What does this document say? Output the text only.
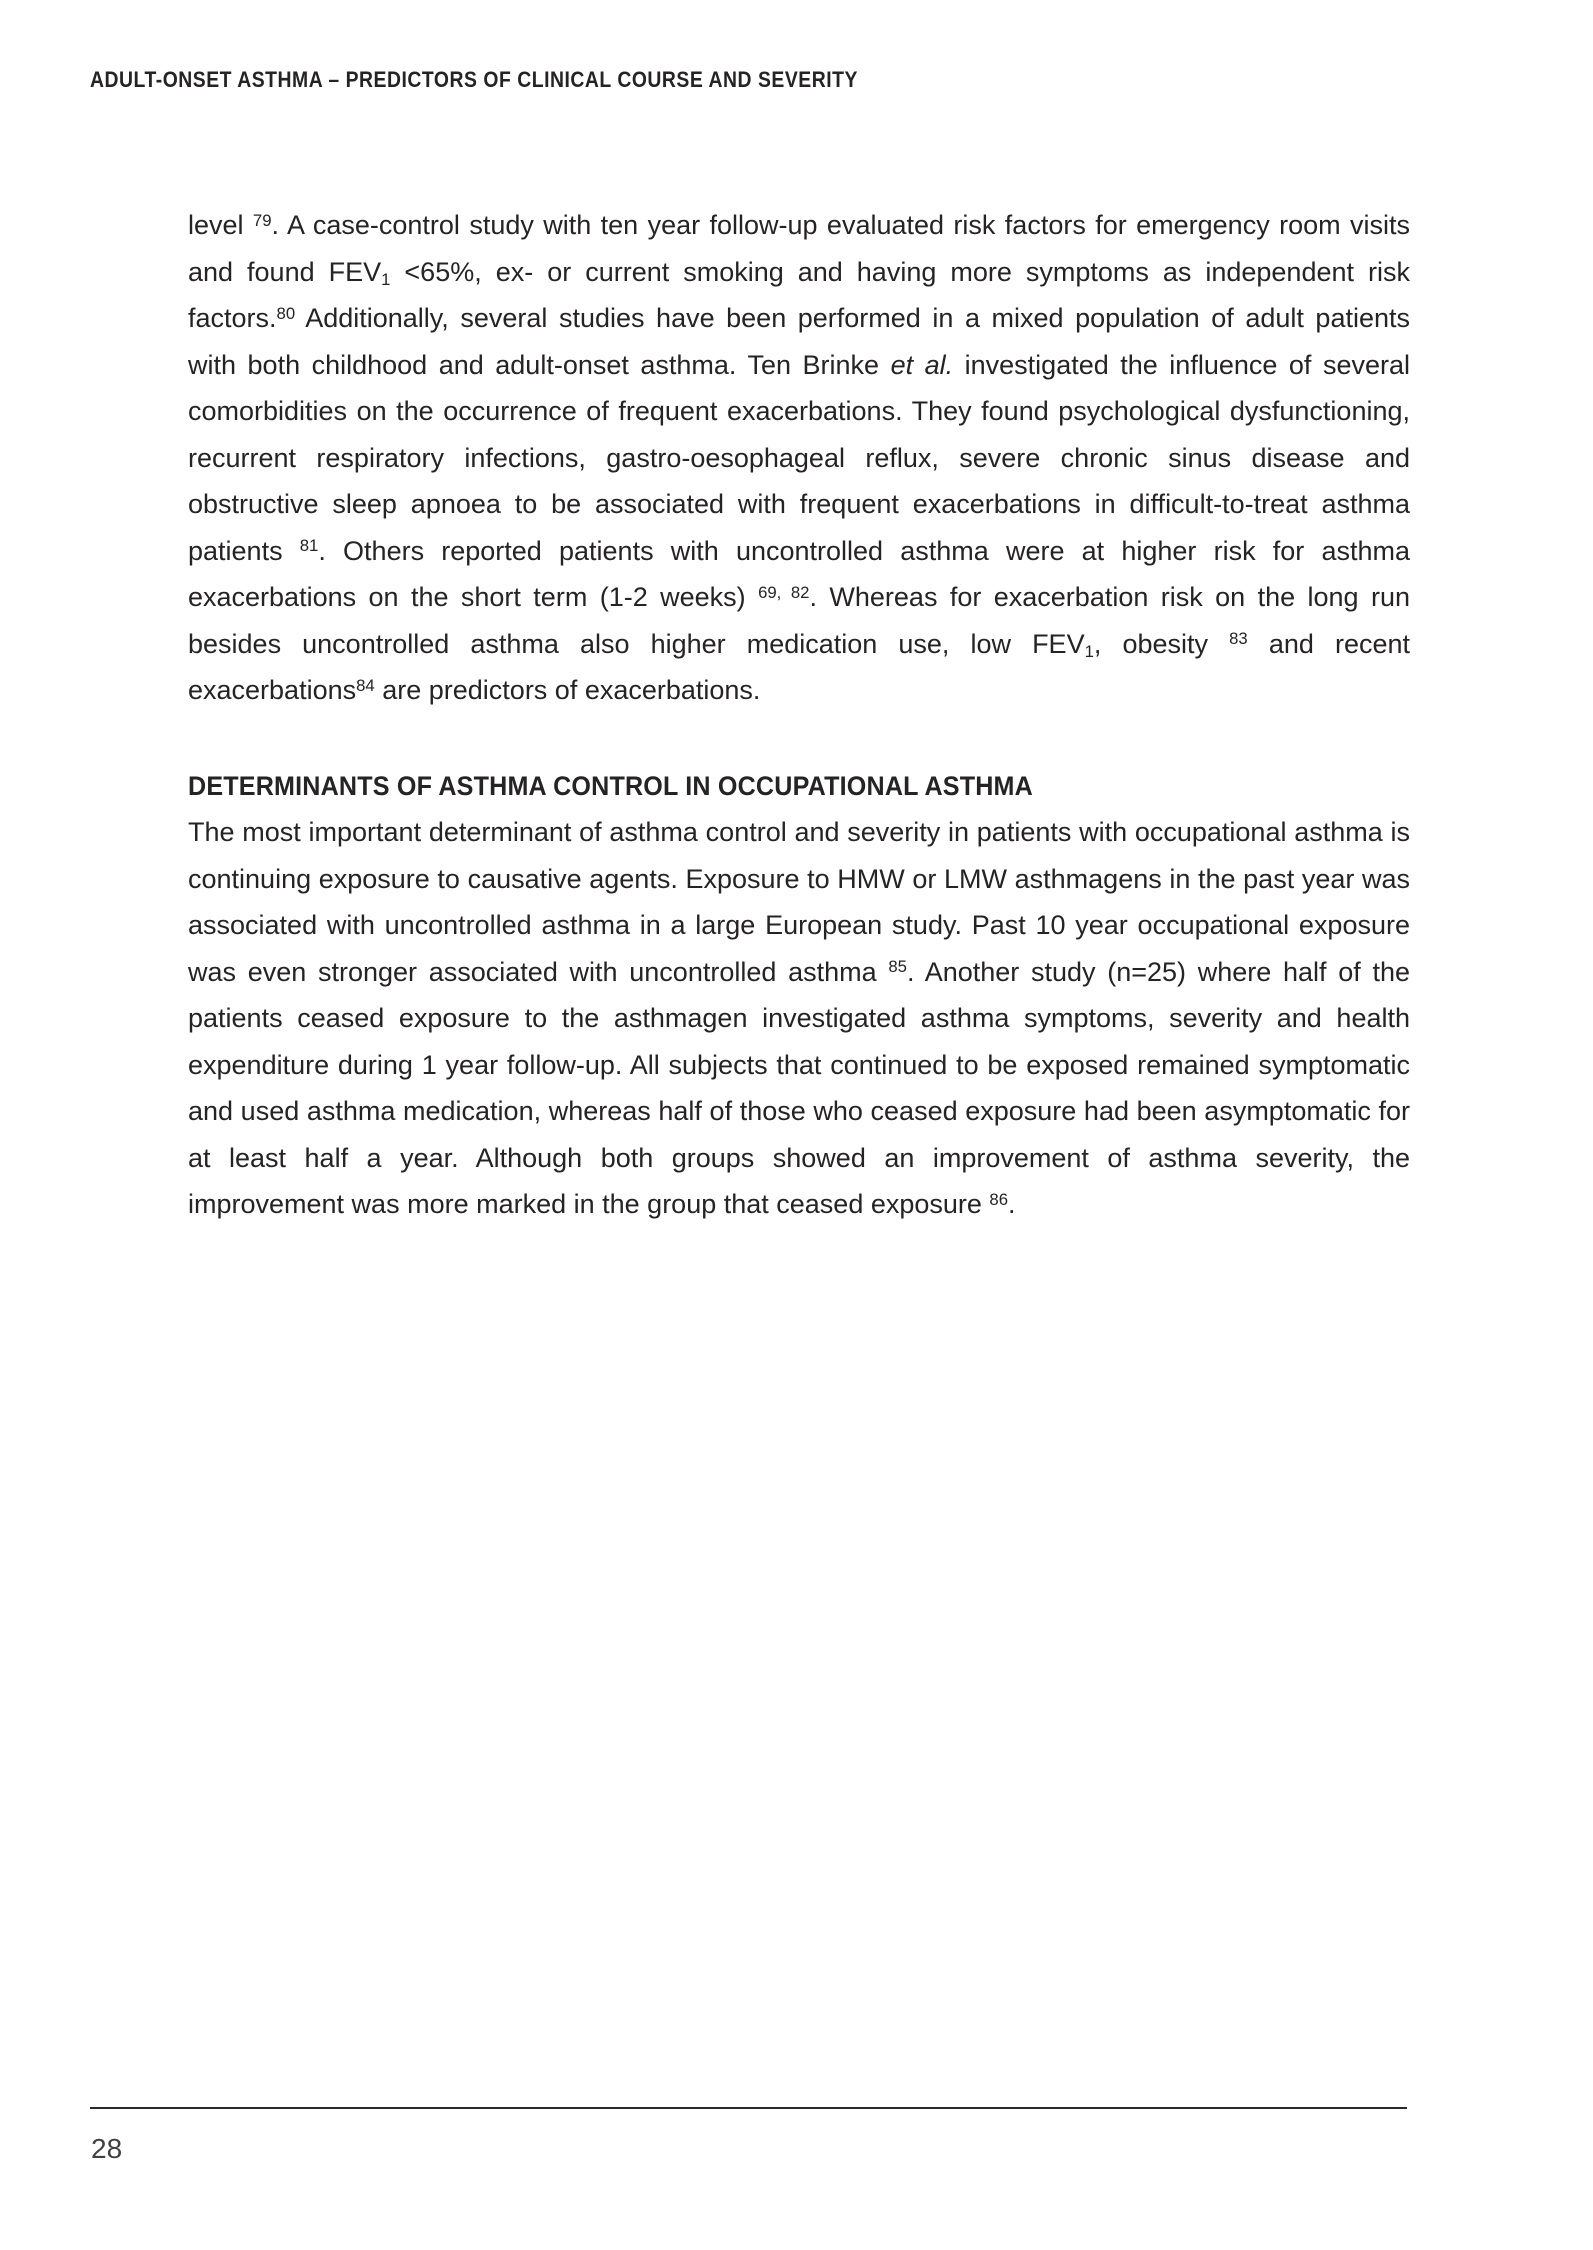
ADULT-ONSET ASTHMA – PREDICTORS OF CLINICAL COURSE AND SEVERITY

level $^{79}$. A case-control study with ten year follow-up evaluated risk factors for emergency room visits and found $FEV_1 <65\%$, ex- or current smoking and having more symptoms as independent risk factors.$^{80}$ Additionally, several studies have been performed in a mixed population of adult patients with both childhood and adult-onset asthma. Ten Brinke et al. investigated the influence of several comorbidities on the occurrence of frequent exacerbations. They found psychological dysfunctioning, recurrent respiratory infections, gastro-oesophageal reflux, severe chronic sinus disease and obstructive sleep apnoea to be associated with frequent exacerbations in difficult-to-treat asthma patients $^{81}$. Others reported patients with uncontrolled asthma were at higher risk for asthma exacerbations on the short term (1-2 weeks) $^{69, 82}$. Whereas for exacerbation risk on the long run besides uncontrolled asthma also higher medication use, low $FEV_1$, obesity $^{83}$ and recent exacerbations$^{84}$ are predictors of exacerbations.

DETERMINANTS OF ASTHMA CONTROL IN OCCUPATIONAL ASTHMA

The most important determinant of asthma control and severity in patients with occupational asthma is continuing exposure to causative agents. Exposure to HMW or LMW asthmagens in the past year was associated with uncontrolled asthma in a large European study. Past 10 year occupational exposure was even stronger associated with uncontrolled asthma $^{85}$. Another study (n=25) where half of the patients ceased exposure to the asthmagen investigated asthma symptoms, severity and health expenditure during 1 year follow-up. All subjects that continued to be exposed remained symptomatic and used asthma medication, whereas half of those who ceased exposure had been asymptomatic for at least half a year. Although both groups showed an improvement of asthma severity, the improvement was more marked in the group that ceased exposure $^{86}$.

28
